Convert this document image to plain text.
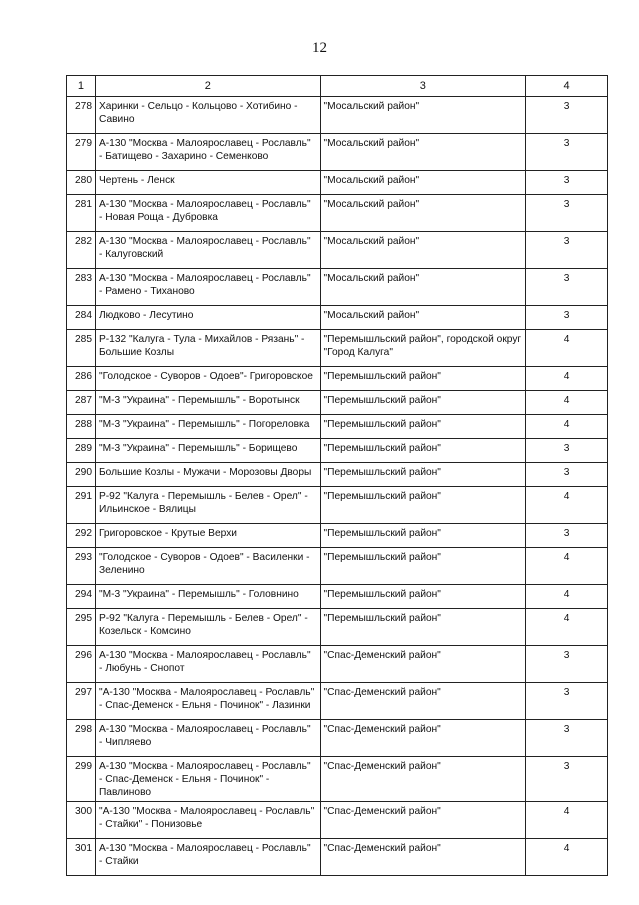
12
1	2	3	4
278	Харинки - Сельцо - Кольцово - Хотибино - Савино	"Мосальский район"	3
279	А-130 "Москва - Малоярославец - Рославль" - Батищево - Захарино - Семенково	"Мосальский район"	3
280	Чертень - Ленск	"Мосальский район"	3
281	А-130 "Москва - Малоярославец - Рославль" - Новая Роща - Дубровка	"Мосальский район"	3
282	А-130 "Москва - Малоярославец - Рославль" - Калуговский	"Мосальский район"	3
283	А-130 "Москва - Малоярославец - Рославль" - Рамено - Тиханово	"Мосальский район"	3
284	Людково - Лесутино	"Мосальский район"	3
285	Р-132 "Калуга - Тула - Михайлов - Рязань" - Большие Козлы	"Перемышльский район", городской округ "Город Калуга"	4
286	"Голодское - Суворов - Одоев"- Григоровское	"Перемышльский район"	4
287	"М-3 "Украина" - Перемышль" - Воротынск	"Перемышльский район"	4
288	"М-3 "Украина" - Перемышль" - Погореловка	"Перемышльский район"	4
289	"М-3 "Украина" - Перемышль" - Борищево	"Перемышльский район"	3
290	Большие Козлы - Мужачи - Морозовы Дворы	"Перемышльский район"	3
291	Р-92 "Калуга - Перемышль - Белев - Орел" - Ильинское - Вялицы	"Перемышльский район"	4
292	Григоровское - Крутые Верхи	"Перемышльский район"	3
293	"Голодское - Суворов - Одоев" - Василенки - Зеленино	"Перемышльский район"	4
294	"М-3 "Украина" - Перемышль" - Головнино	"Перемышльский район"	4
295	Р-92 "Калуга - Перемышль - Белев - Орел" - Козельск - Комсино	"Перемышльский район"	4
296	А-130 "Москва - Малоярославец - Рославль" - Любунь - Снопот	"Спас-Деменский район"	3
297	"А-130 "Москва - Малоярославец - Рославль" - Спас-Деменск - Ельня - Починок" - Лазинки	"Спас-Деменский район"	3
298	А-130 "Москва - Малоярославец - Рославль" - Чипляево	"Спас-Деменский район"	3
299	А-130 "Москва - Малоярославец - Рославль" - Спас-Деменск - Ельня - Починок" - Павлиново	"Спас-Деменский район"	3
300	"А-130 "Москва - Малоярославец - Рославль" - Стайки" - Понизовье	"Спас-Деменский район"	4
301	А-130 "Москва - Малоярославец - Рославль" - Стайки	"Спас-Деменский район"	4
